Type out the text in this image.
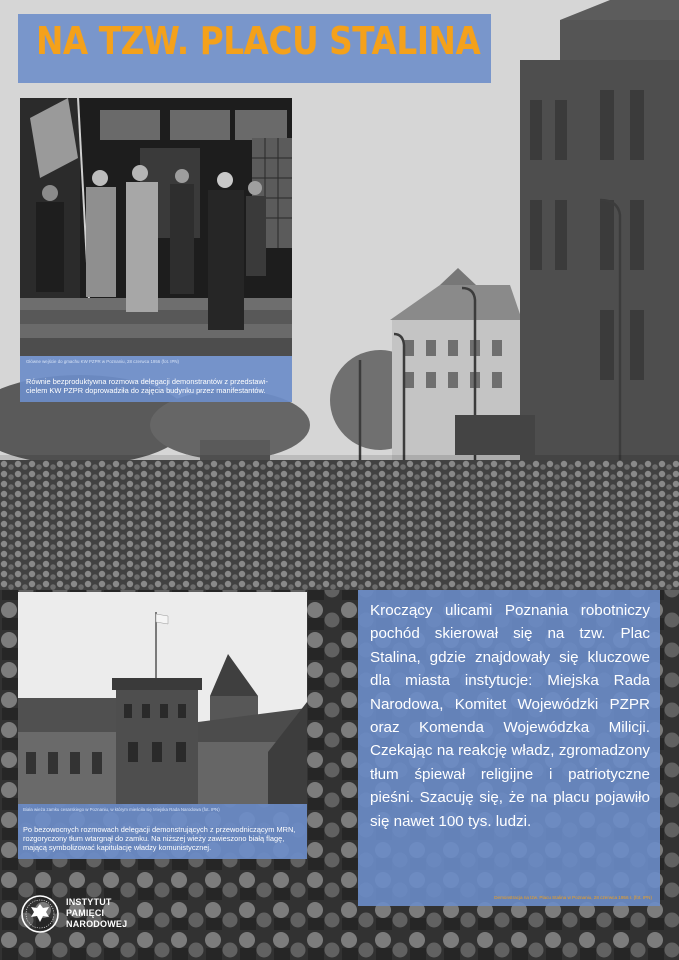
NA TZW. PLACU STALINA
Główne wejście do gmachu KW PZPR w Poznaniu, 28 czerwca 1956 (fot. IPN)
Równie bezproduktywna rozmowa delegacji demonstrantów z przedstawi- cielem KW PZPR doprowadziła do zajęcia budynku przez manifestantów.
Biała wieża zamku cesarskiego w Poznaniu, w którym mieściła się Miejska Rada Narodowa (fot. IPN)
Po bezowocnych rozmowach delegacji demonstrujących z przewodniczącym MRN, rozgoryczony tłum wtargnął do zamku. Na niższej wieży zawieszono białą flagę, mającą symbolizować kapitulację władzy komunistycznej.
Kroczący ulicami Poznania robotniczy pochód skierował się na tzw. Plac Stalina, gdzie znajdowały się kluczowe dla miasta instytucje: Miejska Rada Narodowa, Komitet Wojewódzki PZPR oraz Komenda Wojewódzka Milicji. Czekając na reakcję władz, zgromadzony tłum śpiewał religijne i patriotyczne pieśni. Szacuję się, że na placu pojawiło się nawet 100 tys. ludzi.
Demonstracja na tzw. Placu Stalina w Poznaniu, 28 czerwca 1956 r. (fot. IPN)
INSTYTUT
PAMIĘCI
NARODOWEJ
